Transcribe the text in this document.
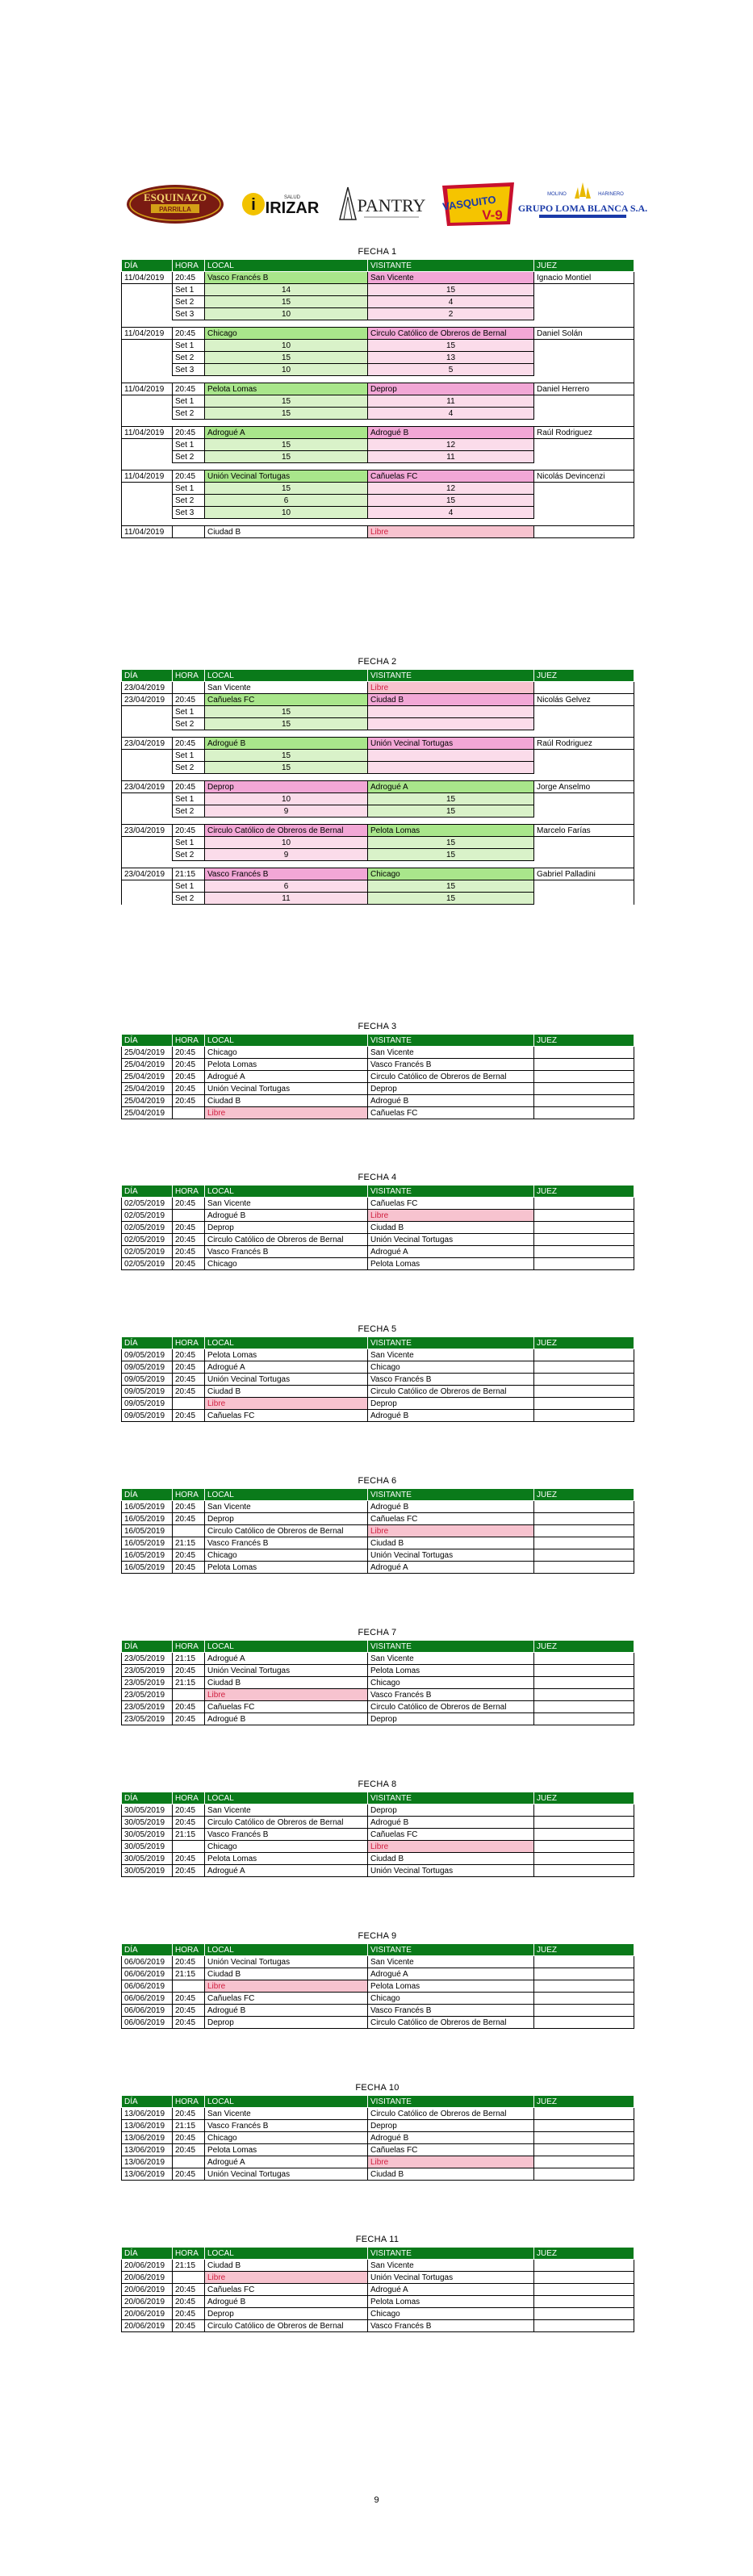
ESQUINAZO
PARRILLA	i	SALUD
IRIZAR PANTRY VASQUITO
V-9
MOLINO	HARINERO
GRUPO LOMA BLANCA S.A.
FECHA 1
DÍA	HORA	LOCAL	VISITANTE	JUEZ
11/04/2019	20:45	Vasco Francés B	San Vicente	Ignacio Montiel
	Set 1	14	15	
	Set 2	15	4	
	Set 3	10	2	

11/04/2019	20:45	Chicago	Circulo Católico de Obreros de Bernal	Daniel Solán
	Set 1	10	15	
	Set 2	15	13	
	Set 3	10	5	

11/04/2019	20:45	Pelota Lomas	Deprop	Daniel Herrero
	Set 1	15	11	
	Set 2	15	4	

11/04/2019	20:45	Adrogué A	Adrogué B	Raúl Rodriguez
	Set 1	15	12	
	Set 2	15	11	

11/04/2019	20:45	Unión Vecinal Tortugas	Cañuelas FC	Nicolás Devincenzi
	Set 1	15	12	
	Set 2	6	15	
	Set 3	10	4	

11/04/2019		Ciudad B	Libre	
FECHA 2
DÍA	HORA	LOCAL	VISITANTE	JUEZ
23/04/2019		San Vicente	Libre	
23/04/2019	20:45	Cañuelas FC	Ciudad B	Nicolás Gelvez
	Set 1	15		
	Set 2	15		

23/04/2019	20:45	Adrogué B	Unión Vecinal Tortugas	Raúl Rodriguez
	Set 1	15		
	Set 2	15		

23/04/2019	20:45	Deprop	Adrogué A	Jorge Anselmo
	Set 1	10	15	
	Set 2	9	15	

23/04/2019	20:45	Circulo Católico de Obreros de Bernal	Pelota Lomas	Marcelo Farías
	Set 1	10	15	
	Set 2	9	15	

23/04/2019	21:15	Vasco Francés B	Chicago	Gabriel Palladini
	Set 1	6	15	
	Set 2	11	15	
FECHA 3
DÍA	HORA	LOCAL	VISITANTE	JUEZ
25/04/2019	20:45	Chicago	San Vicente	
25/04/2019	20:45	Pelota Lomas	Vasco Francés B	
25/04/2019	20:45	Adrogué A	Circulo Católico de Obreros de Bernal	
25/04/2019	20:45	Unión Vecinal Tortugas	Deprop	
25/04/2019	20:45	Ciudad B	Adrogué B	
25/04/2019		Libre	Cañuelas FC	
FECHA 4
DÍA	HORA	LOCAL	VISITANTE	JUEZ
02/05/2019	20:45	San Vicente	Cañuelas FC	
02/05/2019		Adrogué B	Libre	
02/05/2019	20:45	Deprop	Ciudad B	
02/05/2019	20:45	Circulo Católico de Obreros de Bernal	Unión Vecinal Tortugas	
02/05/2019	20:45	Vasco Francés B	Adrogué A	
02/05/2019	20:45	Chicago	Pelota Lomas	
FECHA 5
DÍA	HORA	LOCAL	VISITANTE	JUEZ
09/05/2019	20:45	Pelota Lomas	San Vicente	
09/05/2019	20:45	Adrogué A	Chicago	
09/05/2019	20:45	Unión Vecinal Tortugas	Vasco Francés B	
09/05/2019	20:45	Ciudad B	Circulo Católico de Obreros de Bernal	
09/05/2019		Libre	Deprop	
09/05/2019	20:45	Cañuelas FC	Adrogué B	
FECHA 6
DÍA	HORA	LOCAL	VISITANTE	JUEZ
16/05/2019	20:45	San Vicente	Adrogué B	
16/05/2019	20:45	Deprop	Cañuelas FC	
16/05/2019		Circulo Católico de Obreros de Bernal	Libre	
16/05/2019	21:15	Vasco Francés B	Ciudad B	
16/05/2019	20:45	Chicago	Unión Vecinal Tortugas	
16/05/2019	20:45	Pelota Lomas	Adrogué A	
FECHA 7
DÍA	HORA	LOCAL	VISITANTE	JUEZ
23/05/2019	21:15	Adrogué A	San Vicente	
23/05/2019	20:45	Unión Vecinal Tortugas	Pelota Lomas	
23/05/2019	21:15	Ciudad B	Chicago	
23/05/2019		Libre	Vasco Francés B	
23/05/2019	20:45	Cañuelas FC	Circulo Católico de Obreros de Bernal	
23/05/2019	20:45	Adrogué B	Deprop	
FECHA 8
DÍA	HORA	LOCAL	VISITANTE	JUEZ
30/05/2019	20:45	San Vicente	Deprop	
30/05/2019	20:45	Circulo Católico de Obreros de Bernal	Adrogué B	
30/05/2019	21:15	Vasco Francés B	Cañuelas FC	
30/05/2019		Chicago	Libre	
30/05/2019	20:45	Pelota Lomas	Ciudad B	
30/05/2019	20:45	Adrogué A	Unión Vecinal Tortugas	
FECHA 9
DÍA	HORA	LOCAL	VISITANTE	JUEZ
06/06/2019	20:45	Unión Vecinal Tortugas	San Vicente	
06/06/2019	21:15	Ciudad B	Adrogué A	
06/06/2019		Libre	Pelota Lomas	
06/06/2019	20:45	Cañuelas FC	Chicago	
06/06/2019	20:45	Adrogué B	Vasco Francés B	
06/06/2019	20:45	Deprop	Circulo Católico de Obreros de Bernal	
FECHA 10
DÍA	HORA	LOCAL	VISITANTE	JUEZ
13/06/2019	20:45	San Vicente	Circulo Católico de Obreros de Bernal	
13/06/2019	21:15	Vasco Francés B	Deprop	
13/06/2019	20:45	Chicago	Adrogué B	
13/06/2019	20:45	Pelota Lomas	Cañuelas FC	
13/06/2019		Adrogué A	Libre	
13/06/2019	20:45	Unión Vecinal Tortugas	Ciudad B	
FECHA 11
DÍA	HORA	LOCAL	VISITANTE	JUEZ
20/06/2019	21:15	Ciudad B	San Vicente	
20/06/2019		Libre	Unión Vecinal Tortugas	
20/06/2019	20:45	Cañuelas FC	Adrogué A	
20/06/2019	20:45	Adrogué B	Pelota Lomas	
20/06/2019	20:45	Deprop	Chicago	
20/06/2019	20:45	Circulo Católico de Obreros de Bernal	Vasco Francés B	
9
